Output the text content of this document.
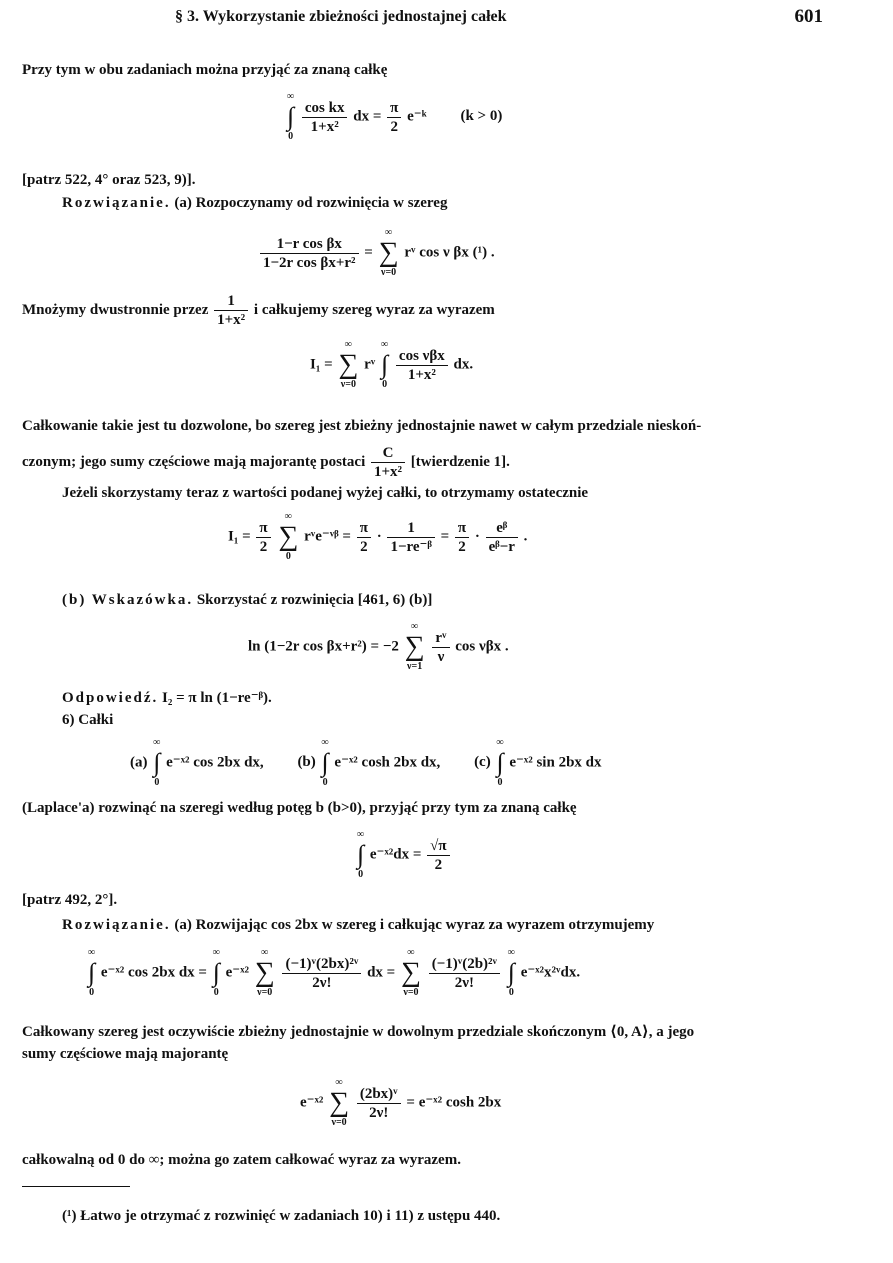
§ 3. Wykorzystanie zbieżności jednostajnej całek	601
Przy tym w obu zadaniach można przyjąć za znaną całkę
∞
∫
0

$\frac{\text{cos kx}}{\text{1+x²}}$ dx = $\frac{\pi}{2}$ e⁻ᵏ (k > 0)
[patrz 522, 4° oraz 523, 9)].
Rozwiązanie. (a) Rozpoczynamy od rozwinięcia w szereg
$\frac{\text{1−r cos βx}}{\text{1−2r cos βx+r²}}$ =
∞
∑
ν=0
rᵛ cos ν βx (¹) .
Mnożymy dwustronnie przez $\frac{1}{\text{1+x²}}$ i całkujemy szereg wyraz za wyrazem
I₁ =
∞
∑
ν=0
rᵛ
∞
∫
0

$\frac{\text{cos νβx}}{\text{1+x²}}$ dx.
Całkowanie takie jest tu dozwolone, bo szereg jest zbieżny jednostajnie nawet w całym przedziale nieskoń-
czonym; jego sumy częściowe mają majorantę postaci $\frac{C}{\text{1+x²}}$ [twierdzenie 1].
Jeżeli skorzystamy teraz z wartości podanej wyżej całki, to otrzymamy ostatecznie
$I_1 = \frac{\pi}{2}$

∞
∑
0
rᵛe⁻ᵛᵝ = $\frac{\pi}{2} \cdot \frac{1}{\text{1−re⁻ᵝ}} = \frac{\pi}{2} \cdot \frac{\text{eᵝ}}{\text{eᵝ−r}}$ .
(b) Wskazówka. Skorzystać z rozwinięcia [461, 6) (b)]
ln (1−2r cos βx+r²) = −2
∞
∑
ν=1

$\frac{\text{rᵛ}}{\nu}$ cos νβx .
Odpowiedź. I₂ = π ln (1−re⁻ᵝ).
6) Całki
(a)
∞
∫
0
e⁻ˣ² cos 2bx dx, (b)
∞
∫
0
e⁻ˣ² cosh 2bx dx, (c)
∞
∫
0
e⁻ˣ² sin 2bx dx
(Laplace'a) rozwinąć na szeregi według potęg b (b>0), przyjąć przy tym za znaną całkę
∞
∫
0
e⁻ˣ²dx = $\frac{√\pi}{2}$
[patrz 492, 2°].
Rozwiązanie. (a) Rozwijając cos 2bx w szereg i całkując wyraz za wyrazem otrzymujemy
∞
∫
0
e⁻ˣ² cos 2bx dx =
∞
∫
0
e⁻ˣ²
∞
∑
ν=0

$\frac{\text{(−1)ᵛ(2bx)²ᵛ}}{2\nu!}$ dx =
∞
∑
ν=0

$\frac{\text{(−1)ᵛ(2b)²ᵛ}}{2\nu!}$

∞
∫
0
e⁻ˣ²x²ᵛdx.
Całkowany szereg jest oczywiście zbieżny jednostajnie w dowolnym przedziale skończonym ⟨0, A⟩, a jego
sumy częściowe mają majorantę
e⁻ˣ²
∞
∑
ν=0

$\frac{\text{(2bx)ᵛ}}{2\nu!}$ = e⁻ˣ² cosh 2bx
całkowalną od 0 do ∞; można go zatem całkować wyraz za wyrazem.
(¹) Łatwo je otrzymać z rozwinięć w zadaniach 10) i 11) z ustępu 440.
